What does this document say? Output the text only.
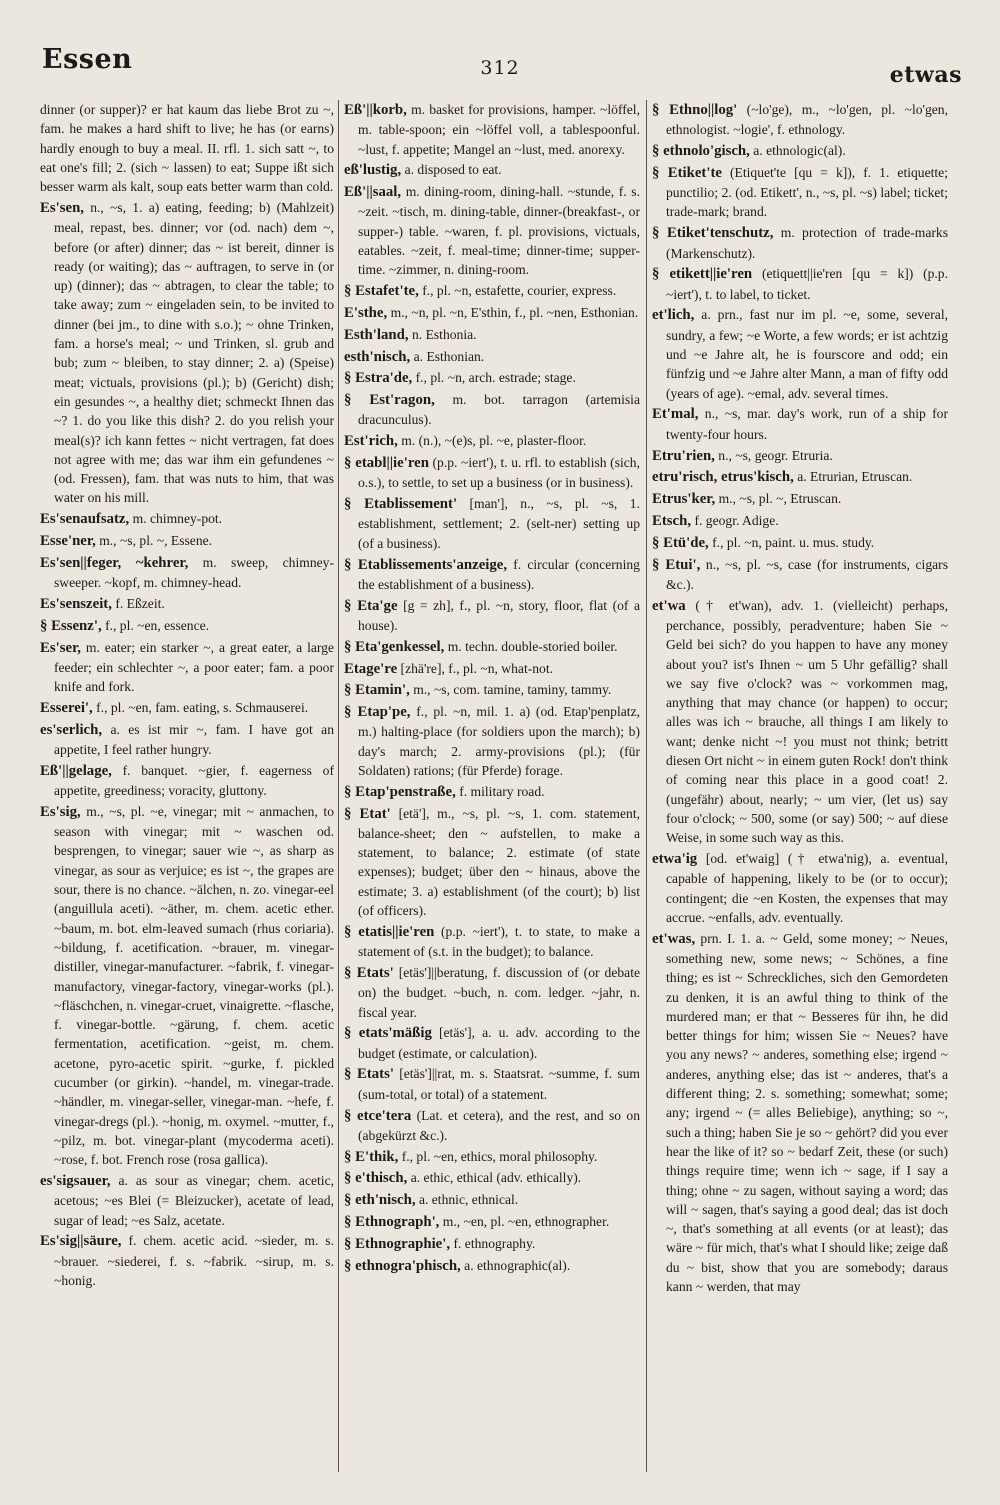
Essen	312	etwas

dinner (or supper)? er hat kaum das liebe Brot zu ~, fam. he makes a hard shift to live; he has (or earns) hardly enough to buy a meal. II. rfl. 1. sich satt ~, to eat one's fill; 2. (sich ~ lassen) to eat; Suppe ißt sich besser warm als kalt, soup eats better warm than cold.

Es'sen, n., ~s, 1. a) eating, feeding; b) (Mahlzeit) meal, repast, bes. dinner; vor (od. nach) dem ~, before (or after) dinner; das ~ ist bereit, dinner is ready (or waiting); das ~ auftragen, to serve in (or up) (dinner); das ~ abtragen, to clear the table; to take away; zum ~ eingeladen sein, to be invited to dinner (bei jm., to dine with s.o.); ~ ohne Trinken, fam. a horse's meal; ~ und Trinken, sl. grub and bub; zum ~ bleiben, to stay dinner; 2. a) (Speise) meat; victuals, provisions (pl.); b) (Gericht) dish; ein gesundes ~, a healthy diet; schmeckt Ihnen das ~? 1. do you like this dish? 2. do you relish your meal(s)? ich kann fettes ~ nicht vertragen, fat does not agree with me; das war ihm ein gefundenes ~ (od. Fressen), fam. that was nuts to him, that was water on his mill.

Es'senaufsatz, m. chimney-pot.

Esse'ner, m., ~s, pl. ~, Essene.

Es'sen||feger, ~kehrer, m. sweep, chimney-sweeper. ~kopf, m. chimney-head.

Es'senszeit, f. Eßzeit.

§ Essenz', f., pl. ~en, essence.

Es'ser, m. eater; ein starker ~, a great eater, a large feeder; ein schlechter ~, a poor eater; fam. a poor knife and fork.

Esserei', f., pl. ~en, fam. eating, s. Schmauserei.

es'serlich, a. es ist mir ~, fam. I have got an appetite, I feel rather hungry.

Eß'||gelage, f. banquet. ~gier, f. eagerness of appetite, greediness; voracity, gluttony.

Es'sig, m., ~s, pl. ~e, vinegar; mit ~ anmachen, to season with vinegar; mit ~ waschen od. besprengen, to vinegar; sauer wie ~, as sharp as vinegar, as sour as verjuice; es ist ~, the grapes are sour, there is no chance. ~älchen, n. zo. vinegar-eel (anguillula aceti). ~äther, m. chem. acetic ether. ~baum, m. bot. elm-leaved sumach (rhus coriaria). ~bildung, f. acetification. ~brauer, m. vinegar-distiller, vinegar-manufacturer. ~fabrik, f. vinegar-manufactory, vinegar-factory, vinegar-works (pl.). ~fläschchen, n. vinegar-cruet, vinaigrette. ~flasche, f. vinegar-bottle. ~gärung, f. chem. acetic fermentation, acetification. ~geist, m. chem. acetone, pyro-acetic spirit. ~gurke, f. pickled cucumber (or girkin). ~handel, m. vinegar-trade. ~händler, m. vinegar-seller, vinegar-man. ~hefe, f. vinegar-dregs (pl.). ~honig, m. oxymel. ~mutter, f., ~pilz, m. bot. vinegar-plant (mycoderma aceti). ~rose, f. bot. French rose (rosa gallica).

es'sigsauer, a. as sour as vinegar; chem. acetic, acetous; ~es Blei (= Bleizucker), acetate of lead, sugar of lead; ~es Salz, acetate.

Es'sig||säure, f. chem. acetic acid. ~sieder, m. s. ~brauer. ~siederei, f. s. ~fabrik. ~sirup, m. s. ~honig.

Eß'||korb, m. basket for provisions, hamper. ~löffel, m. table-spoon; ein ~löffel voll, a tablespoonful. ~lust, f. appetite; Mangel an ~lust, med. anorexy.

eß'lustig, a. disposed to eat.

Eß'||saal, m. dining-room, dining-hall. ~stunde, f. s. ~zeit. ~tisch, m. dining-table, dinner-(breakfast-, or supper-) table. ~waren, f. pl. provisions, victuals, eatables. ~zeit, f. meal-time; dinner-time; supper-time. ~zimmer, n. dining-room.

§ Estafet'te, f., pl. ~n, estafette, courier, express.

E'sthe, m., ~n, pl. ~n, E'sthin, f., pl. ~nen, Esthonian.

Esth'land, n. Esthonia.

esth'nisch, a. Esthonian.

§ Estra'de, f., pl. ~n, arch. estrade; stage.

§ Est'ragon, m. bot. tarragon (artemisia dracunculus).

Est'rich, m. (n.), ~(e)s, pl. ~e, plaster-floor.

§ etabl||ie'ren (p.p. ~iert'), t. u. rfl. to establish (sich, o.s.), to settle, to set up a business (or in business).

§ Etablissement' [man'], n., ~s, pl. ~s, 1. establishment, settlement; 2. (selt-ner) setting up (of a business).

§ Etablissements'anzeige, f. circular (concerning the establishment of a business).

§ Eta'ge [g = zh], f., pl. ~n, story, floor, flat (of a house).

§ Eta'genkessel, m. techn. double-storied boiler.

Etage're [zhä're], f., pl. ~n, what-not.

§ Etamin', m., ~s, com. tamine, taminy, tammy.

§ Etap'pe, f., pl. ~n, mil. 1. a) (od. Etap'penplatz, m.) halting-place (for soldiers upon the march); b) day's march; 2. army-provisions (pl.); (für Soldaten) rations; (für Pferde) forage.

§ Etap'penstraße, f. military road.

§ Etat' [etä'], m., ~s, pl. ~s, 1. com. statement, balance-sheet; den ~ aufstellen, to make a statement, to balance; 2. estimate (of state expenses); budget; über den ~ hinaus, above the estimate; 3. a) establishment (of the court); b) list (of officers).

§ etatis||ie'ren (p.p. ~iert'), t. to state, to make a statement of (s.t. in the budget); to balance.

§ Etats' [etäs']||beratung, f. discussion of (or debate on) the budget. ~buch, n. com. ledger. ~jahr, n. fiscal year.

§ etats'mäßig [etäs'], a. u. adv. according to the budget (estimate, or calculation).

§ Etats' [etäs']||rat, m. s. Staatsrat. ~summe, f. sum (sum-total, or total) of a statement.

§ etce'tera (Lat. et cetera), and the rest, and so on (abgekürzt &c.).

§ E'thik, f., pl. ~en, ethics, moral philosophy.

§ e'thisch, a. ethic, ethical (adv. ethically).

§ eth'nisch, a. ethnic, ethnical.

§ Ethnograph', m., ~en, pl. ~en, ethnographer.

§ Ethnographie', f. ethnography.

§ ethnogra'phisch, a. ethnographic(al).

§ Ethno||log' (~lo'ge), m., ~lo'gen, pl. ~lo'gen, ethnologist. ~logie', f. ethnology.

§ ethnolo'gisch, a. ethnologic(al).

§ Etiket'te (Etiquet'te [qu = k]), f. 1. etiquette; punctilio; 2. (od. Etikett', n., ~s, pl. ~s) label; ticket; trade-mark; brand.

§ Etiket'tenschutz, m. protection of trade-marks (Markenschutz).

§ etikett||ie'ren (etiquett||ie'ren [qu = k]) (p.p. ~iert'), t. to label, to ticket.

et'lich, a. prn., fast nur im pl. ~e, some, several, sundry, a few; ~e Worte, a few words; er ist achtzig und ~e Jahre alt, he is fourscore and odd; ein fünfzig und ~e Jahre alter Mann, a man of fifty odd (years of age). ~emal, adv. several times.

Et'mal, n., ~s, mar. day's work, run of a ship for twenty-four hours.

Etru'rien, n., ~s, geogr. Etruria.

etru'risch, etrus'kisch, a. Etrurian, Etruscan.

Etrus'ker, m., ~s, pl. ~, Etruscan.

Etsch, f. geogr. Adige.

§ Etü'de, f., pl. ~n, paint. u. mus. study.

§ Etui', n., ~s, pl. ~s, case (for instruments, cigars &c.).

et'wa († et'wan), adv. 1. (vielleicht) perhaps, perchance, possibly, peradventure; haben Sie ~ Geld bei sich? do you happen to have any money about you? ist's Ihnen ~ um 5 Uhr gefällig? shall we say five o'clock? was ~ vorkommen mag, anything that may chance (or happen) to occur; alles was ich ~ brauche, all things I am likely to want; denke nicht ~! you must not think; betritt diesen Ort nicht ~ in einem guten Rock! don't think of coming near this place in a good coat! 2. (ungefähr) about, nearly; ~ um vier, (let us) say four o'clock; ~ 500, some (or say) 500; ~ auf diese Weise, in some such way as this.

etwa'ig [od. et'waig] († etwa'nig), a. eventual, capable of happening, likely to be (or to occur); contingent; die ~en Kosten, the expenses that may accrue. ~enfalls, adv. eventually.

et'was, prn. I. 1. a. ~ Geld, some money; ~ Neues, something new, some news; ~ Schönes, a fine thing; es ist ~ Schreckliches, sich den Gemordeten zu denken, it is an awful thing to think of the murdered man; er that ~ Besseres für ihn, he did better things for him; wissen Sie ~ Neues? have you any news? ~ anderes, something else; irgend ~ anderes, anything else; das ist ~ anderes, that's a different thing; 2. s. something; somewhat; some; any; irgend ~ (= alles Beliebige), anything; so ~, such a thing; haben Sie je so ~ gehört? did you ever hear the like of it? so ~ bedarf Zeit, these (or such) things require time; wenn ich ~ sage, if I say a thing; ohne ~ zu sagen, without saying a word; das will ~ sagen, that's saying a good deal; das ist doch ~, that's something at all events (or at least); das wäre ~ für mich, that's what I should like; zeige daß du ~ bist, show that you are somebody; daraus kann ~ werden, that may
